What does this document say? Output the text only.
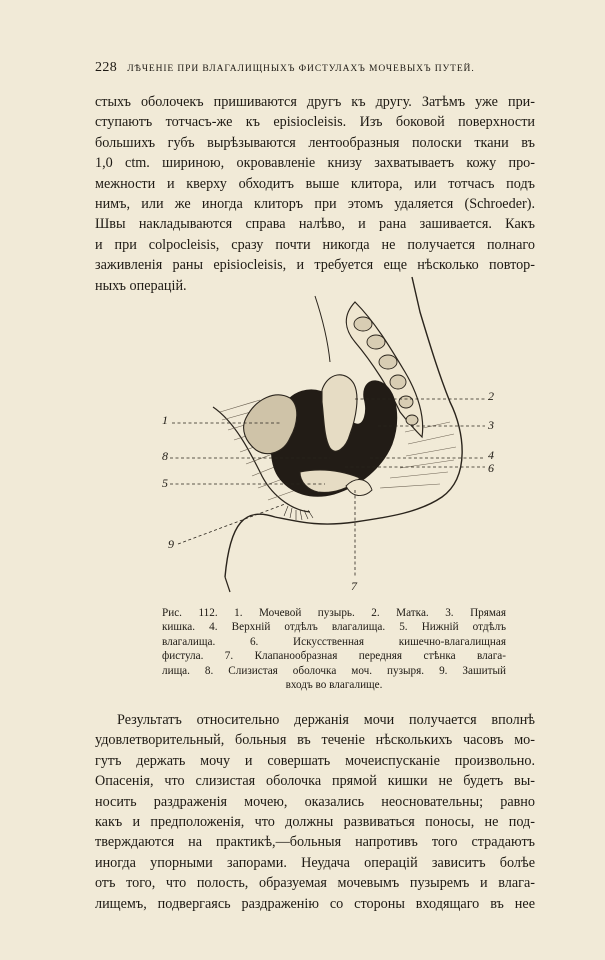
228 ЛѢЧЕНІЕ ПРИ ВЛАГАЛИЩНЫХЪ ФИСТУЛАХЪ МОЧЕВЫХЪ ПУТЕЙ.
стыхъ оболочекъ пришиваются другъ къ другу. Затѣмъ уже при-
ступаютъ тотчасъ-же къ episiocleisis. Изъ боковой поверхности
большихъ губъ вырѣзываются лентообразныя полоски ткани въ
1,0 ctm. шириною, окровавленіе книзу захватываетъ кожу про-
межности и кверху обходитъ выше клитора, или тотчасъ подъ
нимъ, или же иногда клиторъ при этомъ удаляется (Schroeder).
Швы накладываются справа налѣво, и рана зашивается. Какъ
и при colpocleisis, сразу почти никогда не получается полнаго
заживленія раны episiocleisis, и требуется еще нѣсколько повтор-
ныхъ операцій.
1
2
3
4
5
6
7
8
9
Рис. 112. 1. Мочевой пузырь. 2. Матка. 3. Прямая
кишка. 4. Верхній отдѣлъ влагалища. 5. Нижній отдѣлъ
влагалища. 6. Искусственная кишечно-влагалищная
фистула. 7. Клапанообразная передняя стѣнка влага-
лища. 8. Слизистая оболочка моч. пузыря. 9. Зашитый
входъ во влагалище.
Результатъ относительно держанія мочи получается вполнѣ
удовлетворительный, больныя въ теченіе нѣсколькихъ часовъ мо-
гутъ держать мочу и совершать мочеиспусканіе произвольно.
Опасенія, что слизистая оболочка прямой кишки не будетъ вы-
носить раздраженія мочею, оказались неосновательны; равно
какъ и предположенія, что должны развиваться поносы, не под-
тверждаются на практикѣ,—больныя напротивъ того страдаютъ
иногда упорными запорами. Неудача операцій зависитъ болѣе
отъ того, что полость, образуемая мочевымъ пузыремъ и влага-
лищемъ, подвергаясь раздраженію со стороны входящаго въ нее
